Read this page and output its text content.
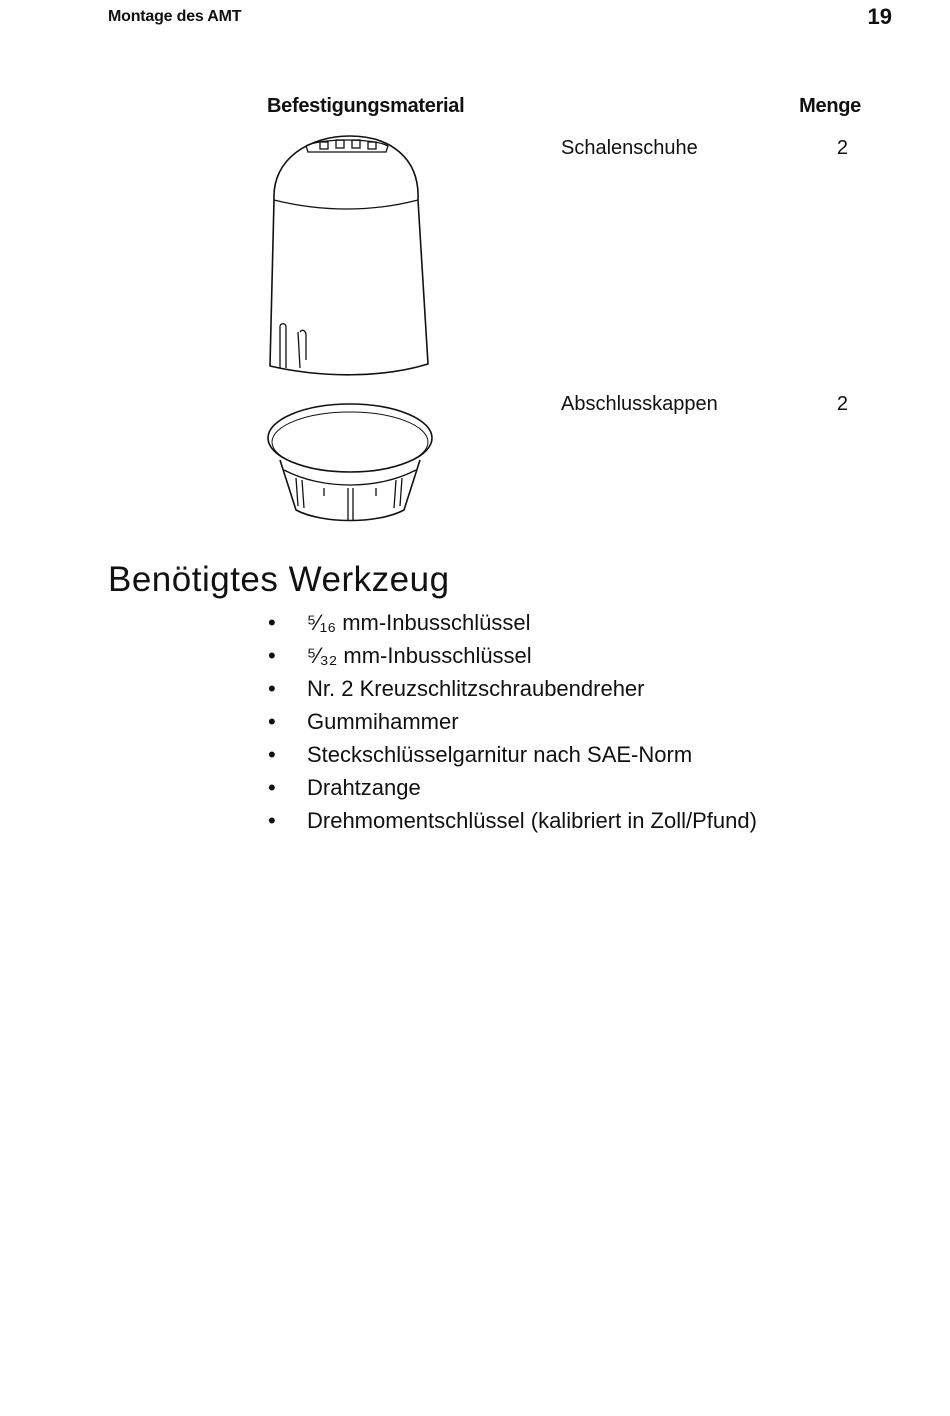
Montage des AMT	19
Befestigungsmaterial	Menge
Schalenschuhe	2
Abschlusskappen	2
Benötigtes Werkzeug
•	⁵⁄₁₆ mm-Inbusschlüssel
•	⁵⁄₃₂ mm-Inbusschlüssel
•	Nr. 2 Kreuzschlitzschraubendreher
•	Gummihammer
•	Steckschlüsselgarnitur nach SAE-Norm
•	Drahtzange
•	Drehmomentschlüssel (kalibriert in Zoll/Pfund)
